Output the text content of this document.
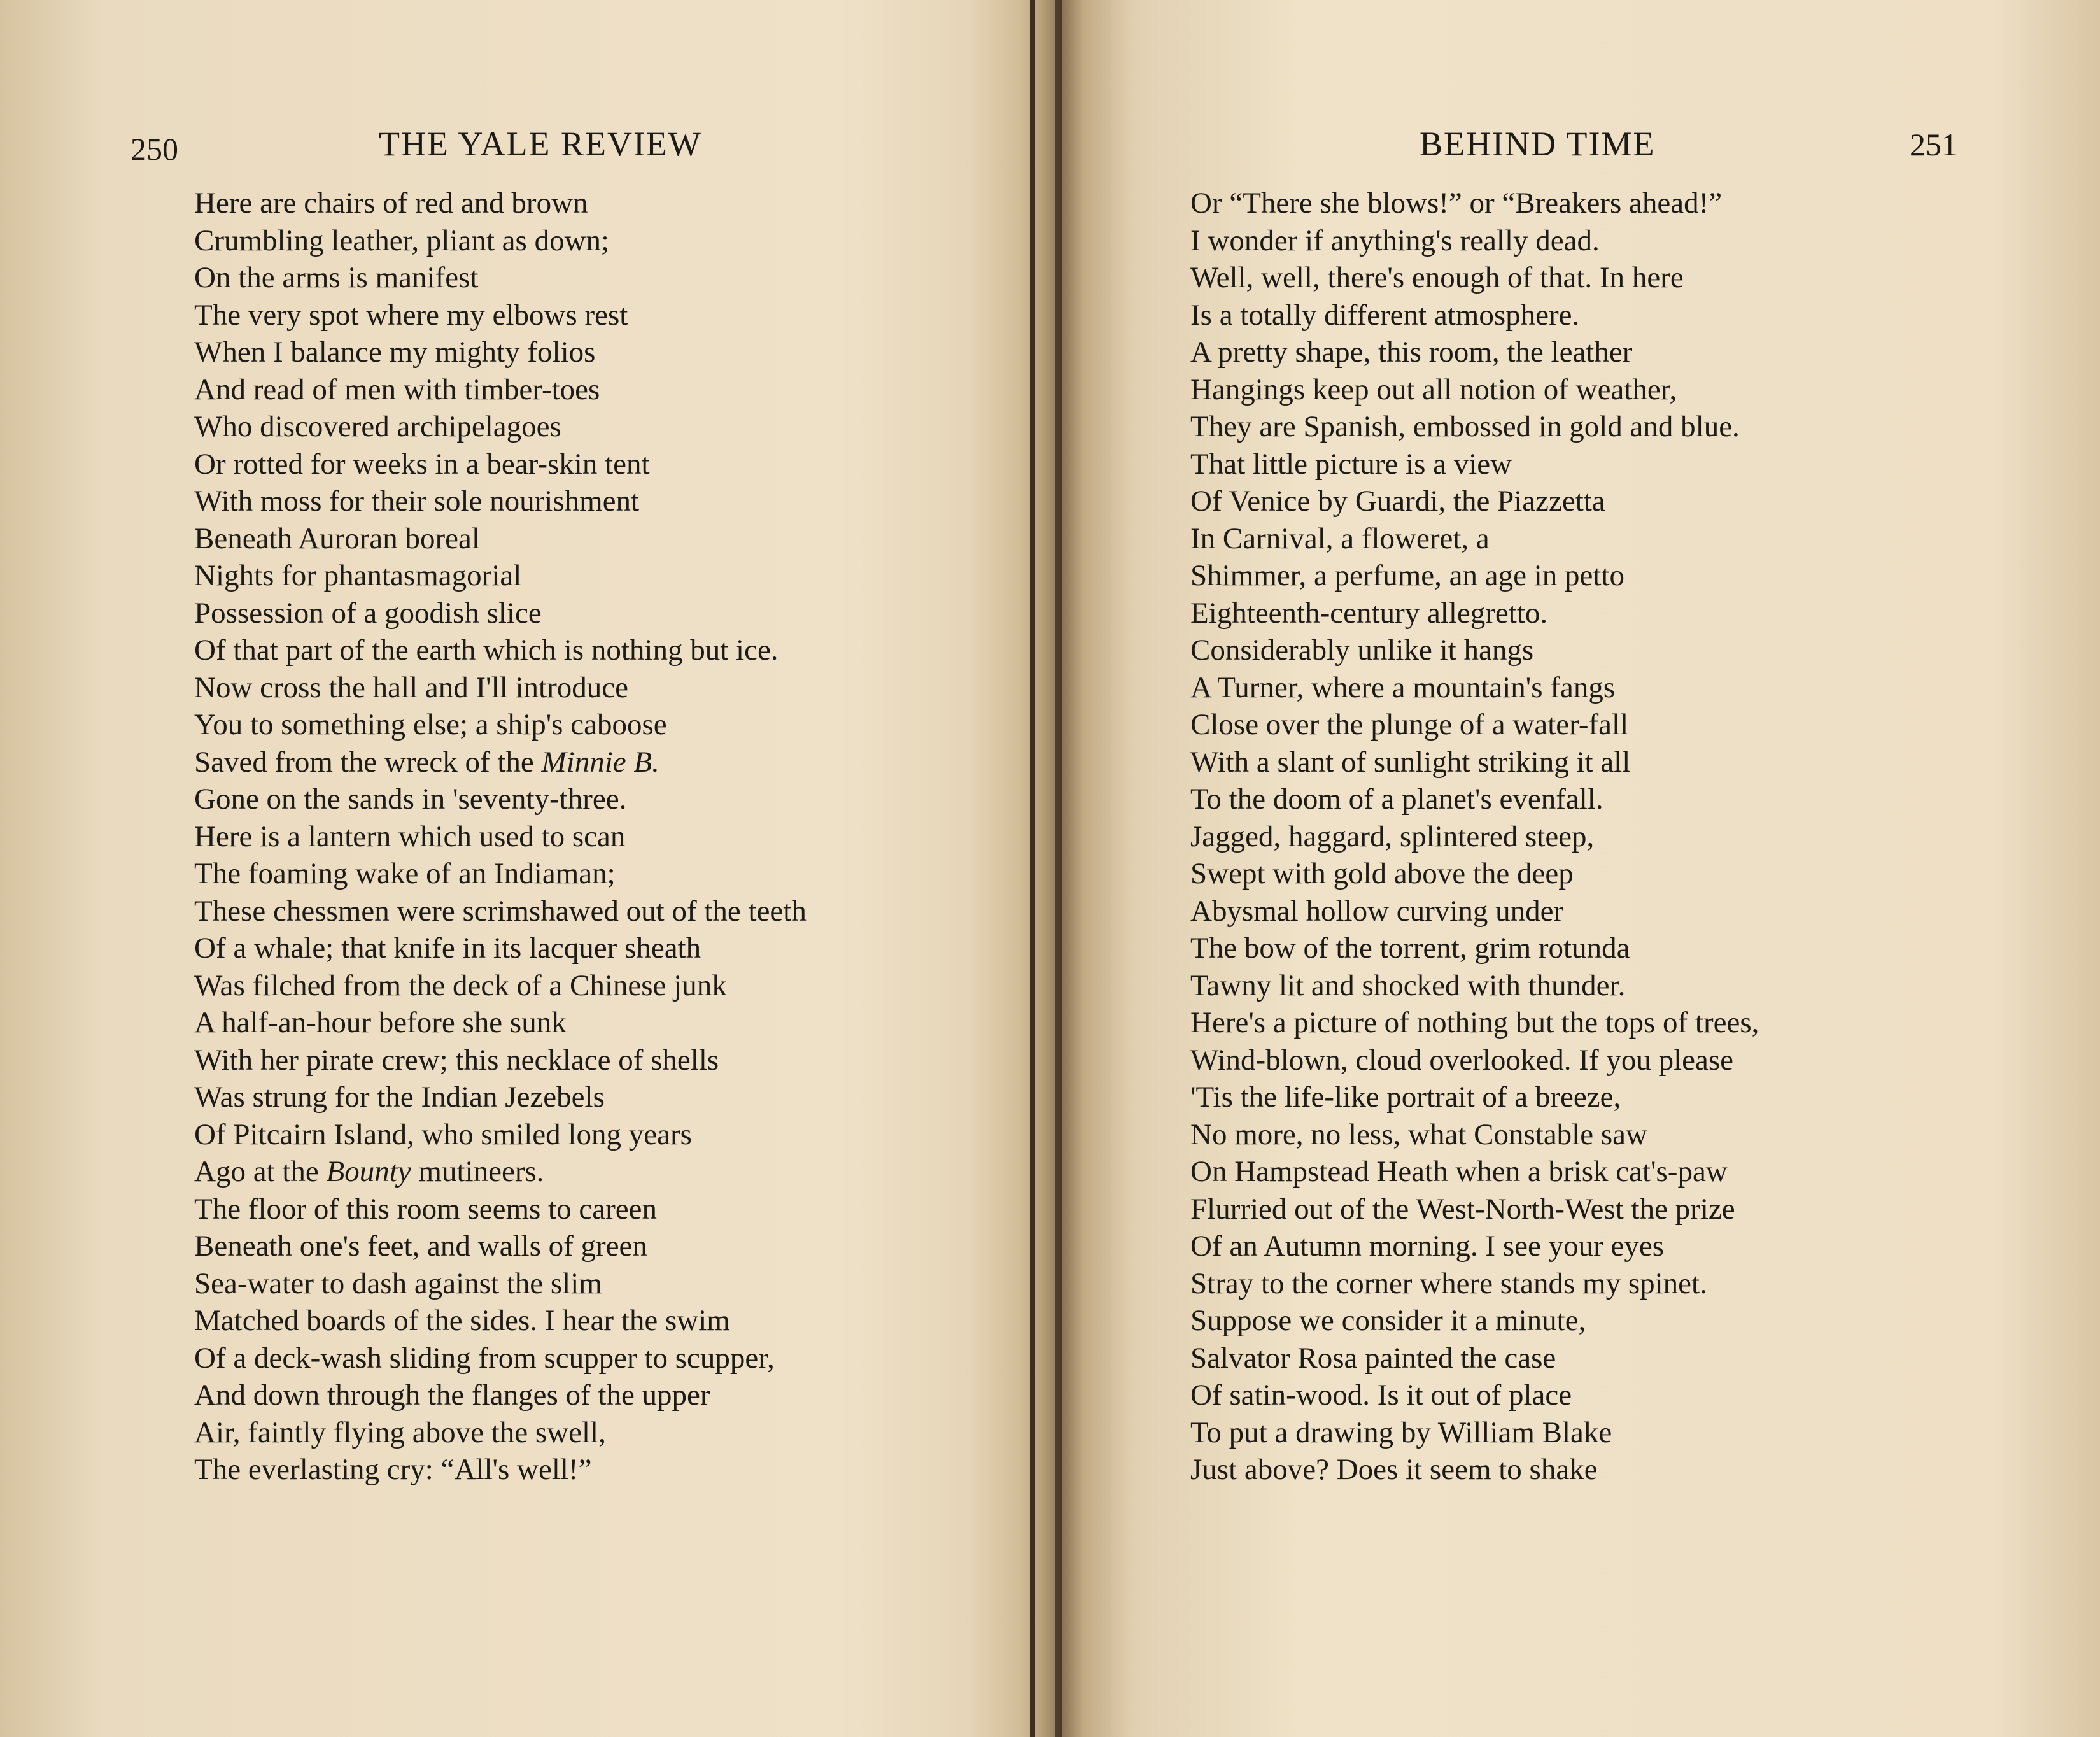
250	THE YALE REVIEW
Here are chairs of red and brown
Crumbling leather, pliant as down;
On the arms is manifest
The very spot where my elbows rest
When I balance my mighty folios
And read of men with timber-toes
Who discovered archipelagoes
Or rotted for weeks in a bear-skin tent
With moss for their sole nourishment
Beneath Auroran boreal
Nights for phantasmagorial
Possession of a goodish slice
Of that part of the earth which is nothing but ice.
Now cross the hall and I'll introduce
You to something else; a ship's caboose
Saved from the wreck of the Minnie B.
Gone on the sands in 'seventy-three.
Here is a lantern which used to scan
The foaming wake of an Indiaman;
These chessmen were scrimshawed out of the teeth
Of a whale; that knife in its lacquer sheath
Was filched from the deck of a Chinese junk
A half-an-hour before she sunk
With her pirate crew; this necklace of shells
Was strung for the Indian Jezebels
Of Pitcairn Island, who smiled long years
Ago at the Bounty mutineers.
The floor of this room seems to careen
Beneath one's feet, and walls of green
Sea-water to dash against the slim
Matched boards of the sides. I hear the swim
Of a deck-wash sliding from scupper to scupper,
And down through the flanges of the upper
Air, faintly flying above the swell,
The everlasting cry: “All's well!”
BEHIND TIME	251
Or “There she blows!” or “Breakers ahead!”
I wonder if anything's really dead.
Well, well, there's enough of that. In here
Is a totally different atmosphere.
A pretty shape, this room, the leather
Hangings keep out all notion of weather,
They are Spanish, embossed in gold and blue.
That little picture is a view
Of Venice by Guardi, the Piazzetta
In Carnival, a floweret, a
Shimmer, a perfume, an age in petto
Eighteenth-century allegretto.
Considerably unlike it hangs
A Turner, where a mountain's fangs
Close over the plunge of a water-fall
With a slant of sunlight striking it all
To the doom of a planet's evenfall.
Jagged, haggard, splintered steep,
Swept with gold above the deep
Abysmal hollow curving under
The bow of the torrent, grim rotunda
Tawny lit and shocked with thunder.
Here's a picture of nothing but the tops of trees,
Wind-blown, cloud overlooked. If you please
'Tis the life-like portrait of a breeze,
No more, no less, what Constable saw
On Hampstead Heath when a brisk cat's-paw
Flurried out of the West-North-West the prize
Of an Autumn morning. I see your eyes
Stray to the corner where stands my spinet.
Suppose we consider it a minute,
Salvator Rosa painted the case
Of satin-wood. Is it out of place
To put a drawing by William Blake
Just above? Does it seem to shake
